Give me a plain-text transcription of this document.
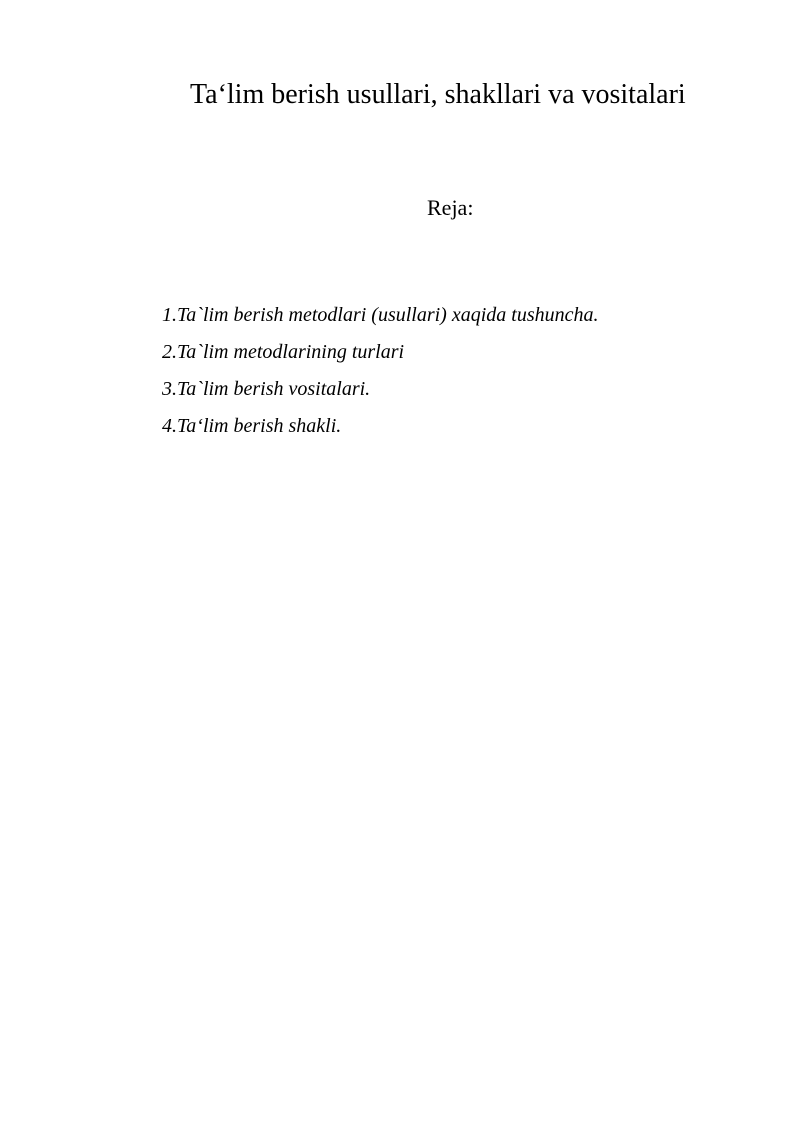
Ta‘lim berish usullari, shakllari va vositalari
Reja:
1.Ta`lim berish metodlari (usullari) xaqida tushuncha.
2.Ta`lim metodlarining turlari
3.Ta`lim berish vositalari.
4.Ta‘lim berish shakli.
